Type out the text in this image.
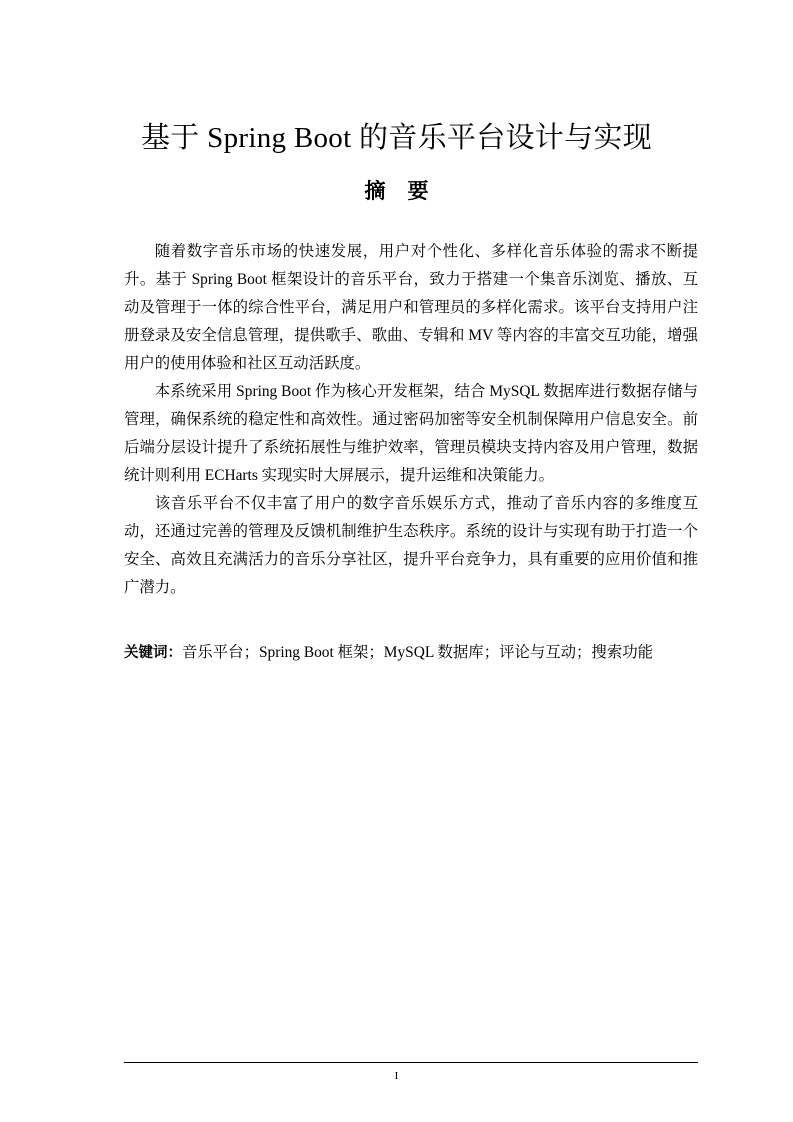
基于 Spring Boot 的音乐平台设计与实现
摘 要

随着数字音乐市场的快速发展，用户对个性化、多样化音乐体验的需求不断提升。基于 Spring Boot 框架设计的音乐平台，致力于搭建一个集音乐浏览、播放、互动及管理于一体的综合性平台，满足用户和管理员的多样化需求。该平台支持用户注册登录及安全信息管理，提供歌手、歌曲、专辑和 MV 等内容的丰富交互功能，增强用户的使用体验和社区互动活跃度。

本系统采用 Spring Boot 作为核心开发框架，结合 MySQL 数据库进行数据存储与管理，确保系统的稳定性和高效性。通过密码加密等安全机制保障用户信息安全。前后端分层设计提升了系统拓展性与维护效率，管理员模块支持内容及用户管理，数据统计则利用 ECHarts 实现实时大屏展示，提升运维和决策能力。

该音乐平台不仅丰富了用户的数字音乐娱乐方式，推动了音乐内容的多维度互动，还通过完善的管理及反馈机制维护生态秩序。系统的设计与实现有助于打造一个安全、高效且充满活力的音乐分享社区，提升平台竞争力，具有重要的应用价值和推广潜力。

关键词：音乐平台；Spring Boot 框架；MySQL 数据库；评论与互动；搜索功能
I
